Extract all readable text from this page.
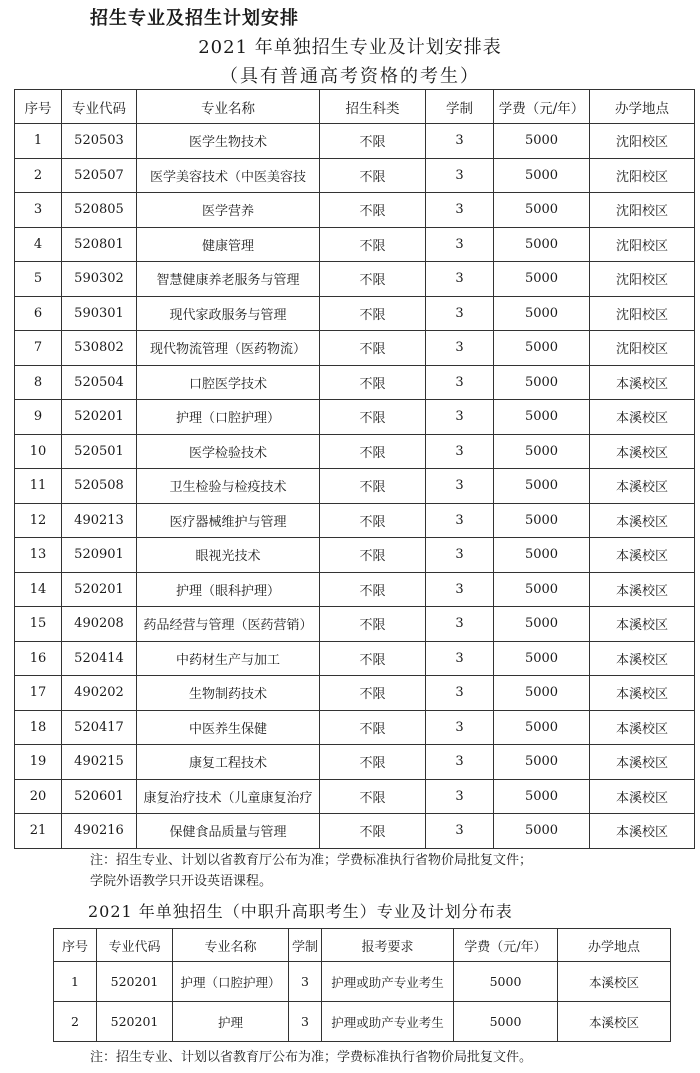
招生专业及招生计划安排
2021 年单独招生专业及计划安排表
（具有普通高考资格的考生）
序号	专业代码	专业名称	招生科类	学制	学费（元/年）	办学地点
1	520503	医学生物技术	不限	3	5000	沈阳校区
2	520507	医学美容技术（中医美容技	不限	3	5000	沈阳校区
3	520805	医学营养	不限	3	5000	沈阳校区
4	520801	健康管理	不限	3	5000	沈阳校区
5	590302	智慧健康养老服务与管理	不限	3	5000	沈阳校区
6	590301	现代家政服务与管理	不限	3	5000	沈阳校区
7	530802	现代物流管理（医药物流）	不限	3	5000	沈阳校区
8	520504	口腔医学技术	不限	3	5000	本溪校区
9	520201	护理（口腔护理）	不限	3	5000	本溪校区
10	520501	医学检验技术	不限	3	5000	本溪校区
11	520508	卫生检验与检疫技术	不限	3	5000	本溪校区
12	490213	医疗器械维护与管理	不限	3	5000	本溪校区
13	520901	眼视光技术	不限	3	5000	本溪校区
14	520201	护理（眼科护理）	不限	3	5000	本溪校区
15	490208	药品经营与管理（医药营销）	不限	3	5000	本溪校区
16	520414	中药材生产与加工	不限	3	5000	本溪校区
17	490202	生物制药技术	不限	3	5000	本溪校区
18	520417	中医养生保健	不限	3	5000	本溪校区
19	490215	康复工程技术	不限	3	5000	本溪校区
20	520601	康复治疗技术（儿童康复治疗	不限	3	5000	本溪校区
21	490216	保健食品质量与管理	不限	3	5000	本溪校区
注：招生专业、计划以省教育厅公布为准；学费标准执行省物价局批复文件；
学院外语教学只开设英语课程。
2021 年单独招生（中职升高职考生）专业及计划分布表
序号	专业代码	专业名称	学制	报考要求	学费（元/年）	办学地点
1	520201	护理（口腔护理）	3	护理或助产专业考生	5000	本溪校区
2	520201	护理	3	护理或助产专业考生	5000	本溪校区
注：招生专业、计划以省教育厅公布为准；学费标准执行省物价局批复文件。
